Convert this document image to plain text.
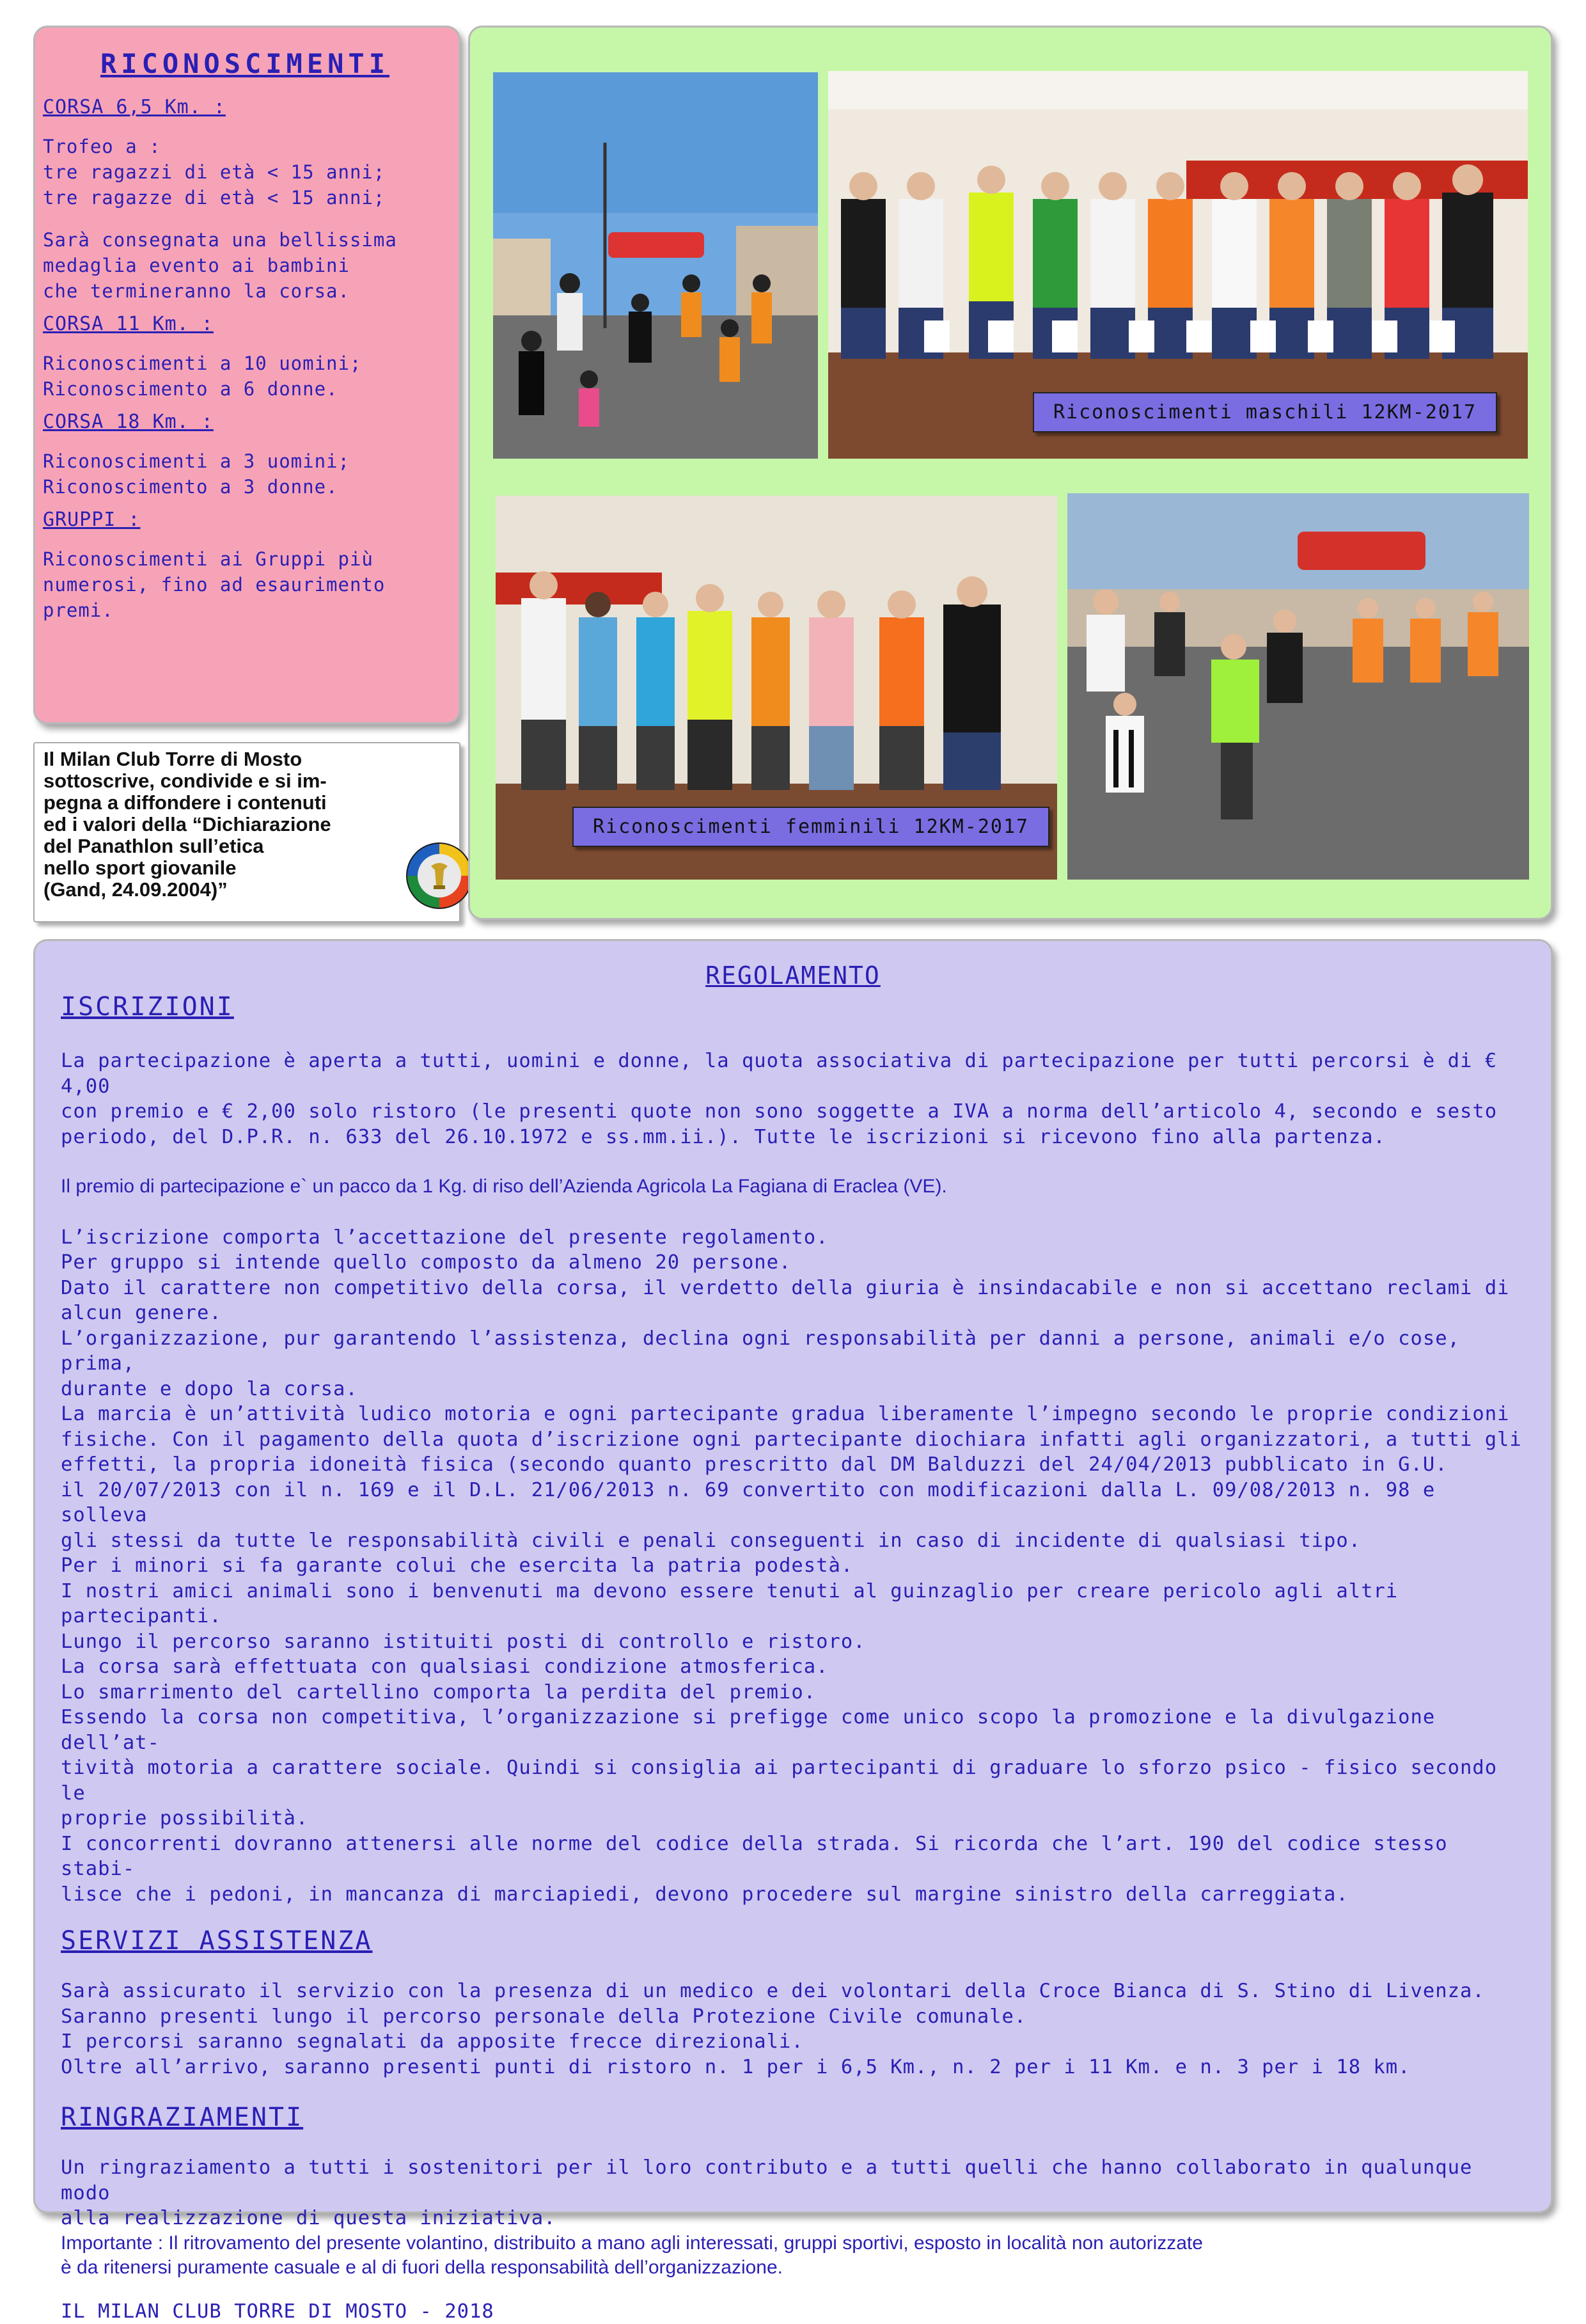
RICONOSCIMENTI
CORSA 6,5 Km. :

Trofeo a :
tre ragazzi di età < 15 anni;
tre ragazze di età < 15 anni;

Sarà consegnata una bellissima
medaglia evento ai bambini
che termineranno la corsa.

CORSA 11 Km. :

Riconoscimenti a 10 uomini;
Riconoscimento a 6 donne.

CORSA 18 Km. :

Riconoscimenti a 3 uomini;
Riconoscimento a 3 donne.

GRUPPI :

Riconoscimenti ai Gruppi più
numerosi, fino ad esaurimento
premi.

Il Milan Club Torre di Mosto
sottoscrive, condivide e si im-
pegna a diffondere i contenuti
ed i valori della “Dichiarazione
del Panathlon sull’etica
nello sport giovanile
(Gand, 24.09.2004)”
Riconoscimenti maschili 12KM-2017
Riconoscimenti femminili 12KM-2017
REGOLAMENTO
ISCRIZIONI

La partecipazione è aperta a tutti, uomini e donne, la quota associativa di partecipazione per tutti percorsi è di € 4,00
con premio e € 2,00 solo ristoro (le presenti quote non sono soggette a IVA a norma dell’articolo 4, secondo e sesto
periodo, del D.P.R. n. 633 del 26.10.1972 e ss.mm.ii.). Tutte le iscrizioni si ricevono fino alla partenza.

Il premio di partecipazione e` un pacco da 1 Kg. di riso dell’Azienda Agricola La Fagiana di Eraclea (VE).

L’iscrizione comporta l’accettazione del presente regolamento.
Per gruppo si intende quello composto da almeno 20 persone.
Dato il carattere non competitivo della corsa, il verdetto della giuria è insindacabile e non si accettano reclami di
alcun genere.
L’organizzazione, pur garantendo l’assistenza, declina ogni responsabilità per danni a persone, animali e/o cose, prima,
durante e dopo la corsa.
La marcia è un’attività ludico motoria e ogni partecipante gradua liberamente l’impegno secondo le proprie condizioni
fisiche. Con il pagamento della quota d’iscrizione ogni partecipante diochiara infatti agli organizzatori, a tutti gli
effetti, la propria idoneità fisica (secondo quanto prescritto dal DM Balduzzi del 24/04/2013 pubblicato in G.U.
il 20/07/2013 con il n. 169 e il D.L. 21/06/2013 n. 69 convertito con modificazioni dalla L. 09/08/2013 n. 98 e solleva
gli stessi da tutte le responsabilità civili e penali conseguenti in caso di incidente di qualsiasi tipo.
Per i minori si fa garante colui che esercita la patria podestà.
I nostri amici animali sono i benvenuti ma devono essere tenuti al guinzaglio per creare pericolo agli altri partecipanti.
Lungo il percorso saranno istituiti posti di controllo e ristoro.
La corsa sarà effettuata con qualsiasi condizione atmosferica.
Lo smarrimento del cartellino comporta la perdita del premio.
Essendo la corsa non competitiva, l’organizzazione si prefigge come unico scopo la promozione e la divulgazione dell’at-
tività motoria a carattere sociale. Quindi si consiglia ai partecipanti di graduare lo sforzo psico - fisico secondo le
proprie possibilità.
I concorrenti dovranno attenersi alle norme del codice della strada. Si ricorda che l’art. 190 del codice stesso stabi-
lisce che i pedoni, in mancanza di marciapiedi, devono procedere sul margine sinistro della carreggiata.

SERVIZI ASSISTENZA

Sarà assicurato il servizio con la presenza di un medico e dei volontari della Croce Bianca di S. Stino di Livenza.
Saranno presenti lungo il percorso personale della Protezione Civile comunale.
I percorsi saranno segnalati da apposite frecce direzionali.
Oltre all’arrivo, saranno presenti punti di ristoro n. 1 per i 6,5 Km., n. 2 per i 11 Km. e n. 3 per i 18 km.

RINGRAZIAMENTI

Un ringraziamento a tutti i sostenitori per il loro contributo e a tutti quelli che hanno collaborato in qualunque modo
alla realizzazione di questa iniziativa.

Importante : Il ritrovamento del presente volantino, distribuito a mano agli interessati, gruppi sportivi, esposto in località non autorizzate
è da ritenersi puramente casuale e al di fuori della responsabilità dell’organizzazione.

IL MILAN CLUB TORRE DI MOSTO - 2018
